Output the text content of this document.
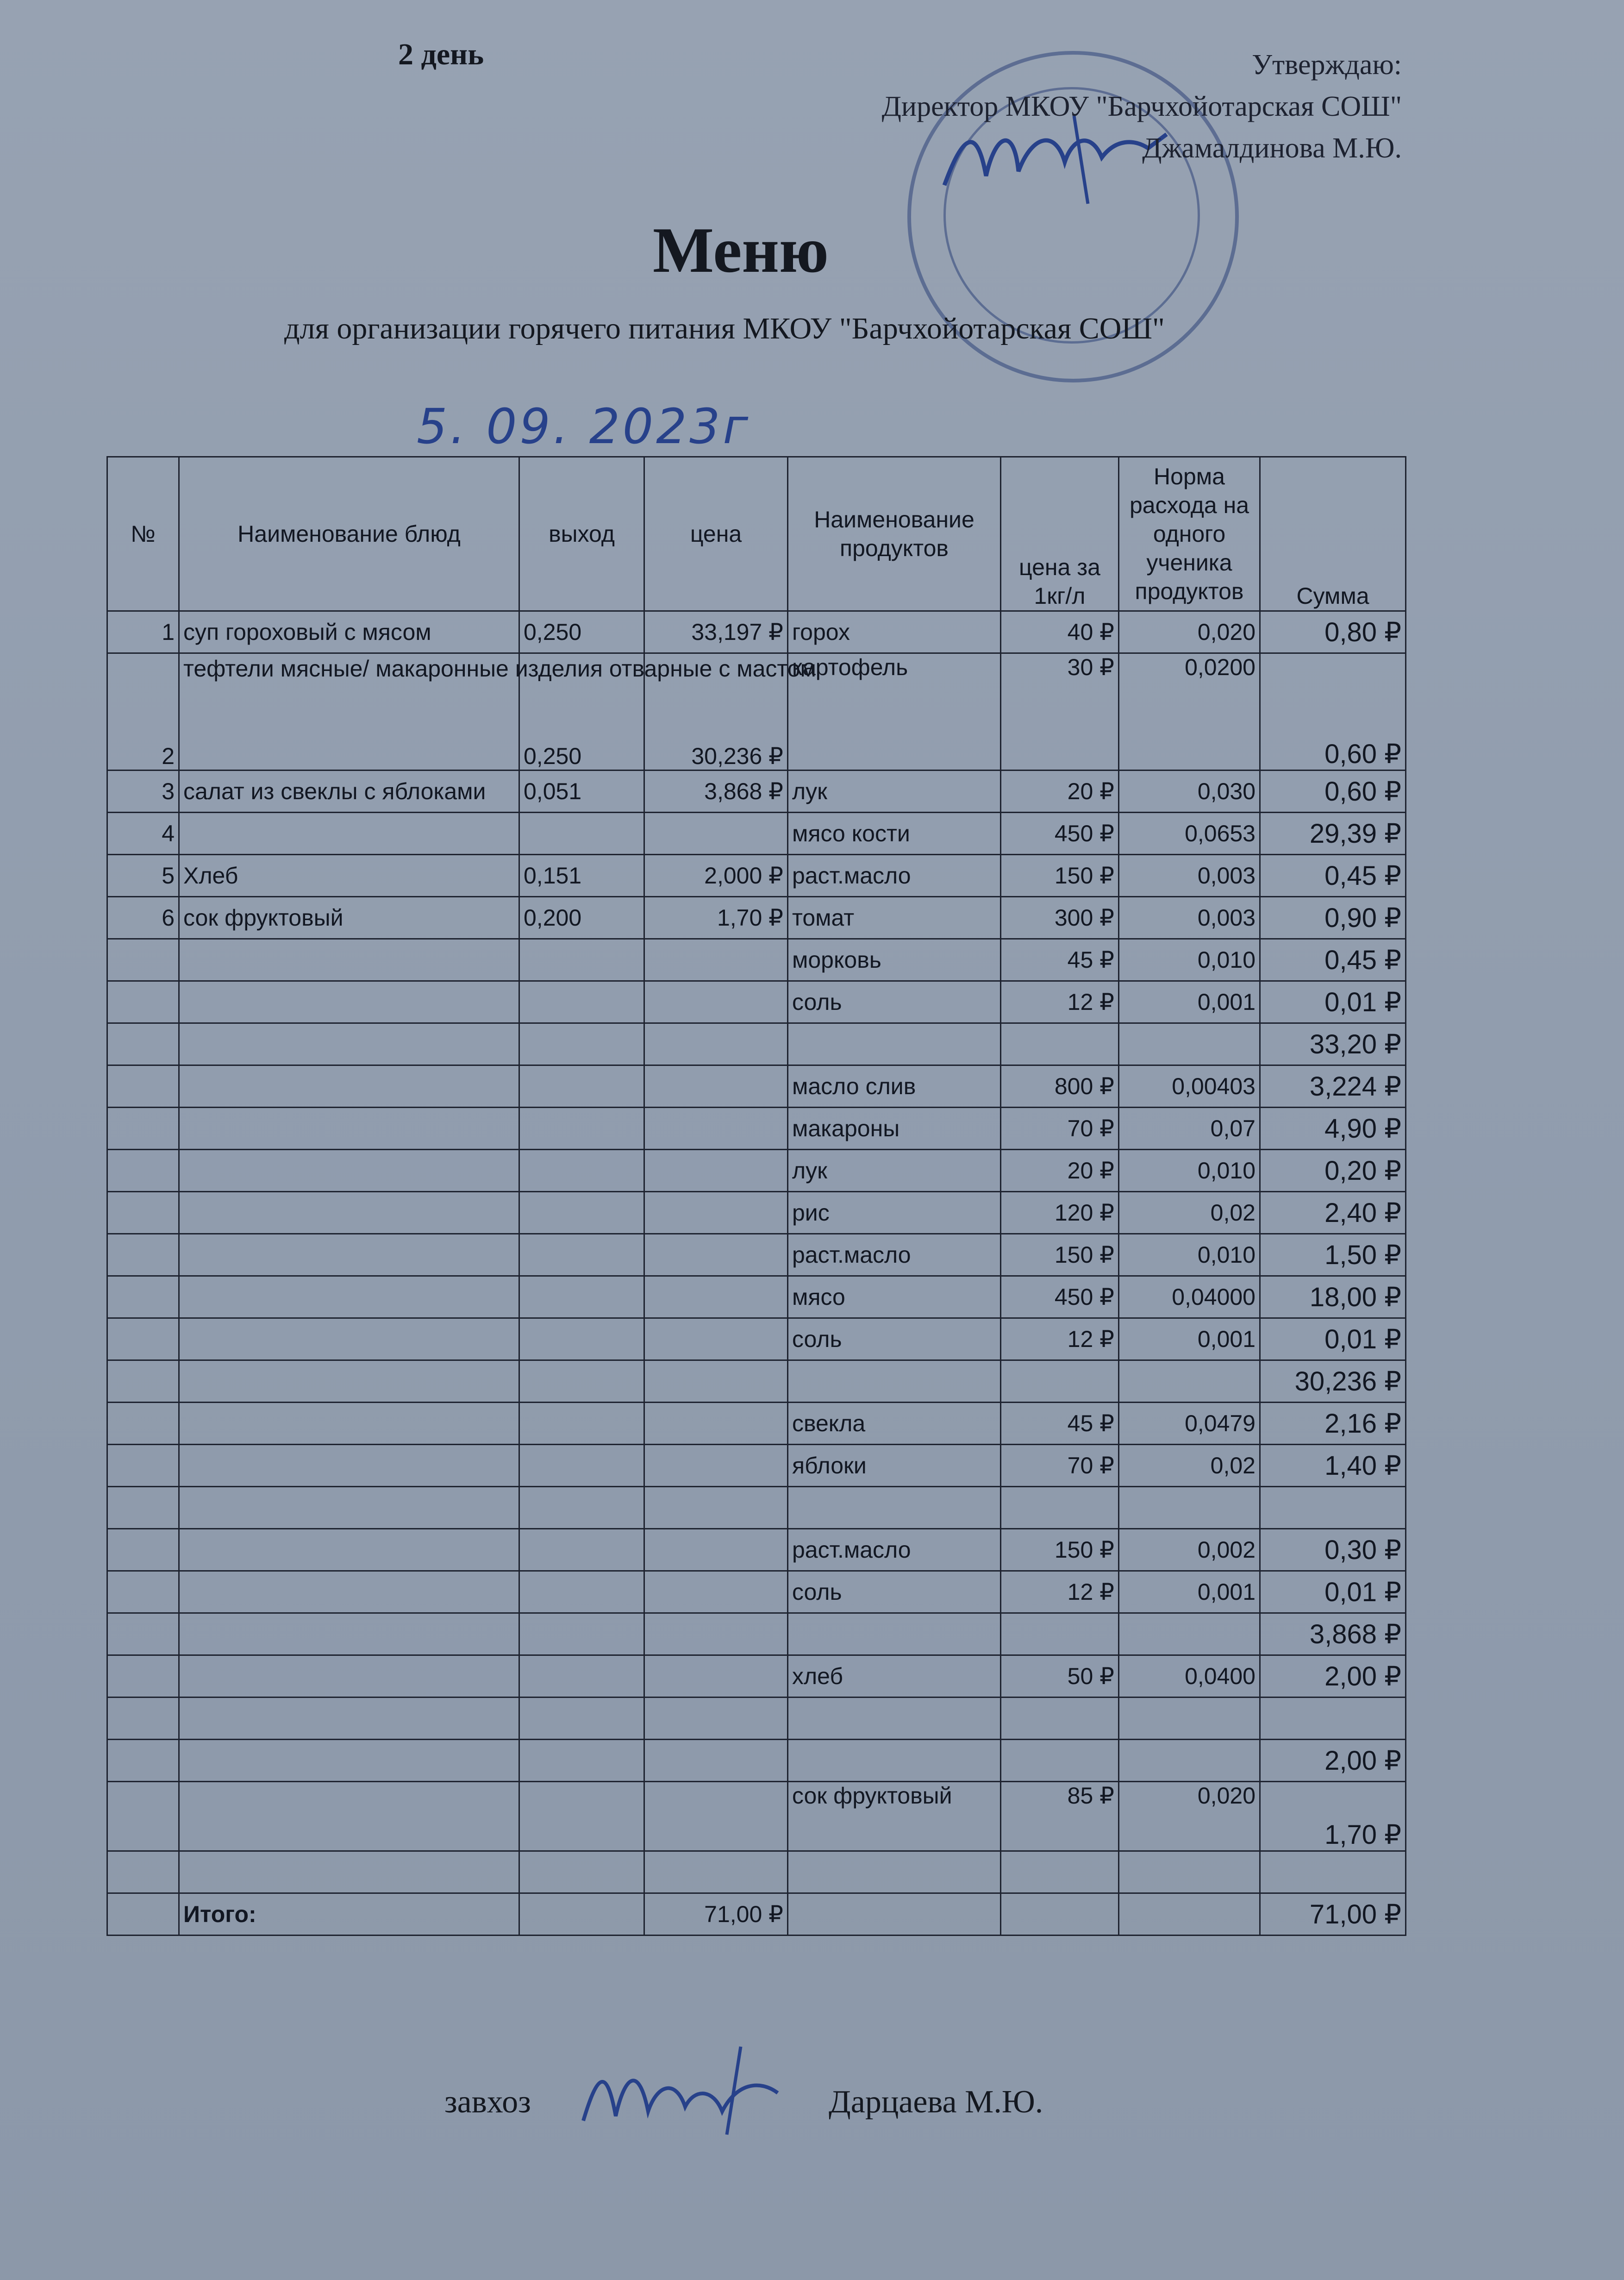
2 день	Утверждаю:
Директор МКОУ "Барчхойотарская СОШ"
Джамалдинова М.Ю.
Меню
для организации горячего питания МКОУ "Барчхойотарская СОШ"
5. 09. 2023г
№	Наименование блюд	выход	цена	Наименование продуктов	цена за 1кг/л	Норма расхода на одного ученика продуктов	Сумма
1	суп гороховый с мясом	0,250	33,197 ₽	горох	40 ₽	0,020	0,80 ₽
2	тефтели мясные/ макаронные изделия отварные с мастом	0,250	30,236 ₽	картофель	30 ₽	0,0200	0,60 ₽
3	салат из свеклы с яблоками	0,051	3,868 ₽	лук	20 ₽	0,030	0,60 ₽
4				мясо кости	450 ₽	0,0653	29,39 ₽
5	Хлеб	0,151	2,000 ₽	раст.масло	150 ₽	0,003	0,45 ₽
6	сок фруктовый	0,200	1,70 ₽	томат	300 ₽	0,003	0,90 ₽
				морковь	45 ₽	0,010	0,45 ₽
				соль	12 ₽	0,001	0,01 ₽
							33,20 ₽
				масло слив	800 ₽	0,00403	3,224 ₽
				макароны	70 ₽	0,07	4,90 ₽
				лук	20 ₽	0,010	0,20 ₽
				рис	120 ₽	0,02	2,40 ₽
				раст.масло	150 ₽	0,010	1,50 ₽
				мясо	450 ₽	0,04000	18,00 ₽
				соль	12 ₽	0,001	0,01 ₽
							30,236 ₽
				свекла	45 ₽	0,0479	2,16 ₽
				яблоки	70 ₽	0,02	1,40 ₽

				раст.масло	150 ₽	0,002	0,30 ₽
				соль	12 ₽	0,001	0,01 ₽
							3,868 ₽
				хлеб	50 ₽	0,0400	2,00 ₽

							2,00 ₽
				сок фруктовый	85 ₽	0,020	1,70 ₽

	Итого:		71,00 ₽				71,00 ₽
завхоз	Дарцаева М.Ю.
